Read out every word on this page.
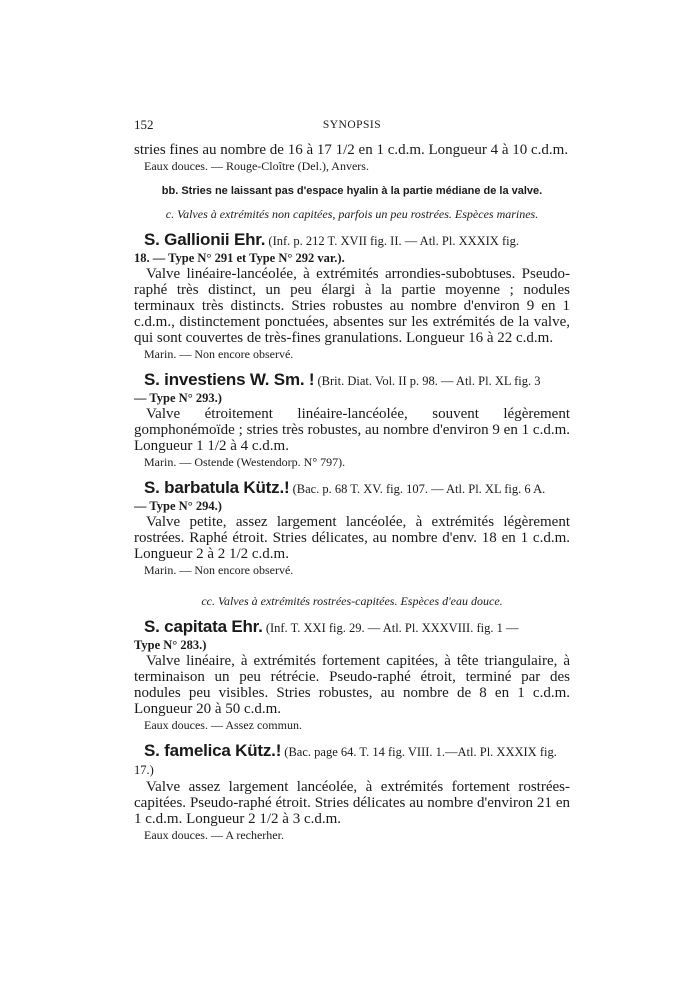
152	SYNOPSIS

stries fines au nombre de 16 à 17 1/2 en 1 c.d.m. Longueur 4 à 10 c.d.m.

Eaux douces. — Rouge-Cloître (Del.), Anvers.
bb. Stries ne laissant pas d'espace hyalin à la partie médiane de la valve.
c. Valves à extrémités non capitées, parfois un peu rostrées. Espèces marines.
S. Gallionii Ehr. (Inf. p. 212 T. XVII fig. II. — Atl. Pl. XXXIX fig.
18. — Type N° 291 et Type N° 292 var.).

Valve linéaire-lancéolée, à extrémités arrondies-subobtuses. Pseudo-raphé très distinct, un peu élargi à la partie moyenne ; nodules terminaux très distincts. Stries robustes au nombre d'environ 9 en 1 c.d.m., distinctement ponctuées, absentes sur les extrémités de la valve, qui sont couvertes de très-fines granulations. Longueur 16 à 22 c.d.m.

Marin. — Non encore observé.
S. investiens W. Sm. ! (Brit. Diat. Vol. II p. 98. — Atl. Pl. XL fig. 3
— Type N° 293.)

Valve étroitement linéaire-lancéolée, souvent légèrement gomphonémoïde ; stries très robustes, au nombre d'environ 9 en 1 c.d.m. Longueur 1 1/2 à 4 c.d.m.

Marin. — Ostende (Westendorp. N° 797).
S. barbatula Kütz.! (Bac. p. 68 T. XV. fig. 107. — Atl. Pl. XL fig. 6 A.
— Type N° 294.)

Valve petite, assez largement lancéolée, à extrémités légèrement rostrées. Raphé étroit. Stries délicates, au nombre d'env. 18 en 1 c.d.m. Longueur 2 à 2 1/2 c.d.m.

Marin. — Non encore observé.
cc. Valves à extrémités rostrées-capitées. Espèces d'eau douce.
S. capitata Ehr. (Inf. T. XXI fig. 29. — Atl. Pl. XXXVIII. fig. 1 —
Type N° 283.)

Valve linéaire, à extrémités fortement capitées, à tête triangulaire, à terminaison un peu rétrécie. Pseudo-raphé étroit, terminé par des nodules peu visibles. Stries robustes, au nombre de 8 en 1 c.d.m. Longueur 20 à 50 c.d.m.

Eaux douces. — Assez commun.
S. famelica Kütz.! (Bac. page 64. T. 14 fig. VIII. 1.—Atl. Pl. XXXIX fig. 17.)

Valve assez largement lancéolée, à extrémités fortement rostrées-capitées. Pseudo-raphé étroit. Stries délicates au nombre d'environ 21 en 1 c.d.m. Longueur 2 1/2 à 3 c.d.m.

Eaux douces. — A recherher.
